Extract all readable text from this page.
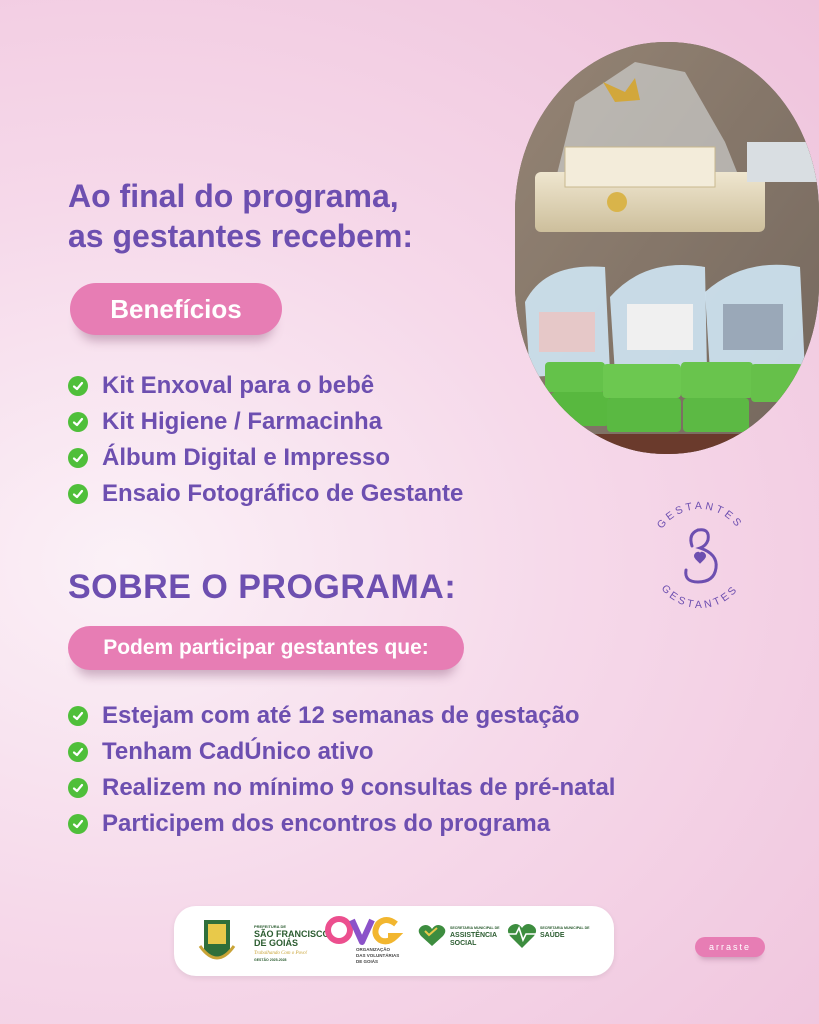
Ao final do programa,
as gestantes recebem:
Benefícios
Kit Enxoval para o bebê
Kit Higiene / Farmacinha
Álbum Digital e Impresso
Ensaio Fotográfico de Gestante
SOBRE O PROGRAMA:
Podem participar gestantes que:
Estejam com até 12 semanas de gestação
Tenham CadÚnico ativo
Realizem no mínimo 9 consultas de pré-natal
Participem dos encontros do programa
GESTANTES
GESTANTES
PREFEITURA DE
SÃO FRANCISCO
DE GOIÁS
Trabalhando Com o Povo!
GESTÃO 2025-2028
ORGANIZAÇÃO
DAS VOLUNTÁRIAS
DE GOIÁS
SECRETARIA MUNICIPAL DE
ASSISTÊNCIA
SOCIAL
SECRETARIA MUNICIPAL DE
SAÚDE
arraste
